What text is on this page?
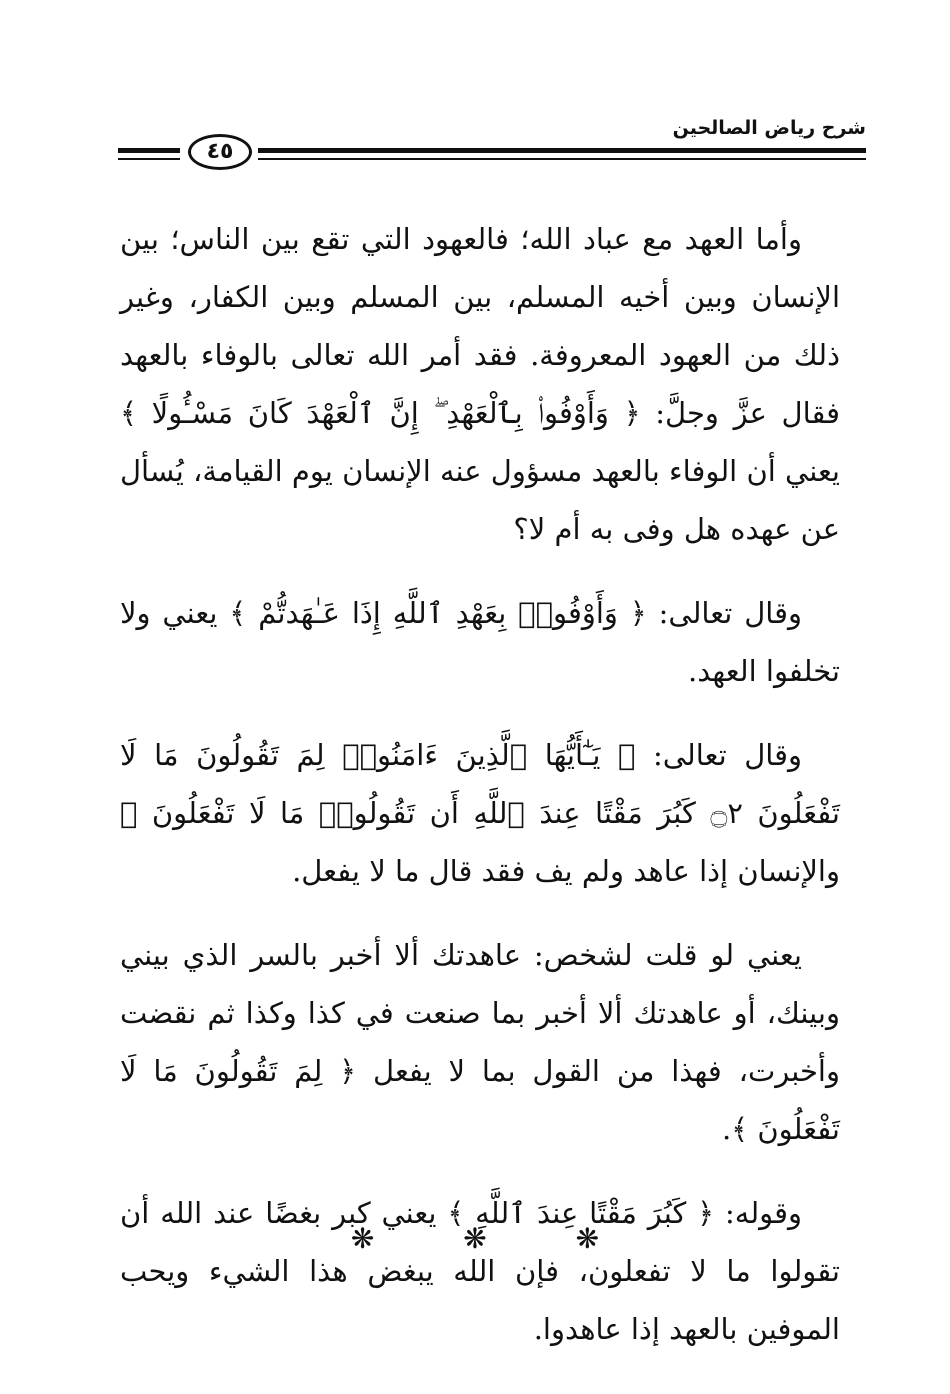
شرح رياض الصالحين
٤٥

وأما العهد مع عباد الله؛ فالعهود التي تقع بين الناس؛ بين الإنسان وبين أخيه المسلم، بين المسلم وبين الكفار، وغير ذلك من العهود المعروفة. فقد أمر الله تعالى بالوفاء بالعهد فقال عزَّ وجلَّ: ﴿ وَأَوْفُوا۟ بِٱلْعَهْدِ ۖ إِنَّ ٱلْعَهْدَ كَانَ مَسْـُٔولًا ﴾ يعني أن الوفاء بالعهد مسؤول عنه الإنسان يوم القيامة، يُسأل عن عهده هل وفى به أم لا؟

وقال تعالى: ﴿ وَأَوْفُوا۟ بِعَهْدِ ٱللَّهِ إِذَا عَـٰهَدتُّمْ ﴾ يعني ولا تخلفوا العهد.

وقال تعالى: ﴿ يَـٰٓأَيُّهَا ٱلَّذِينَ ءَامَنُوا۟ لِمَ تَقُولُونَ مَا لَا تَفْعَلُونَ ۝٢ كَبُرَ مَقْتًا عِندَ ٱللَّهِ أَن تَقُولُوا۟ مَا لَا تَفْعَلُونَ ﴾ والإنسان إذا عاهد ولم يف فقد قال ما لا يفعل.

يعني لو قلت لشخص: عاهدتك ألا أخبر بالسر الذي بيني وبينك، أو عاهدتك ألا أخبر بما صنعت في كذا وكذا ثم نقضت وأخبرت، فهذا من القول بما لا يفعل ﴿ لِمَ تَقُولُونَ مَا لَا تَفْعَلُونَ ﴾.

وقوله: ﴿ كَبُرَ مَقْتًا عِندَ ٱللَّهِ ﴾ يعني كبر بغضًا عند الله أن تقولوا ما لا تفعلون، فإن الله يبغض هذا الشيء ويحب الموفين بالعهد إذا عاهدوا.

❋	❋	❋
